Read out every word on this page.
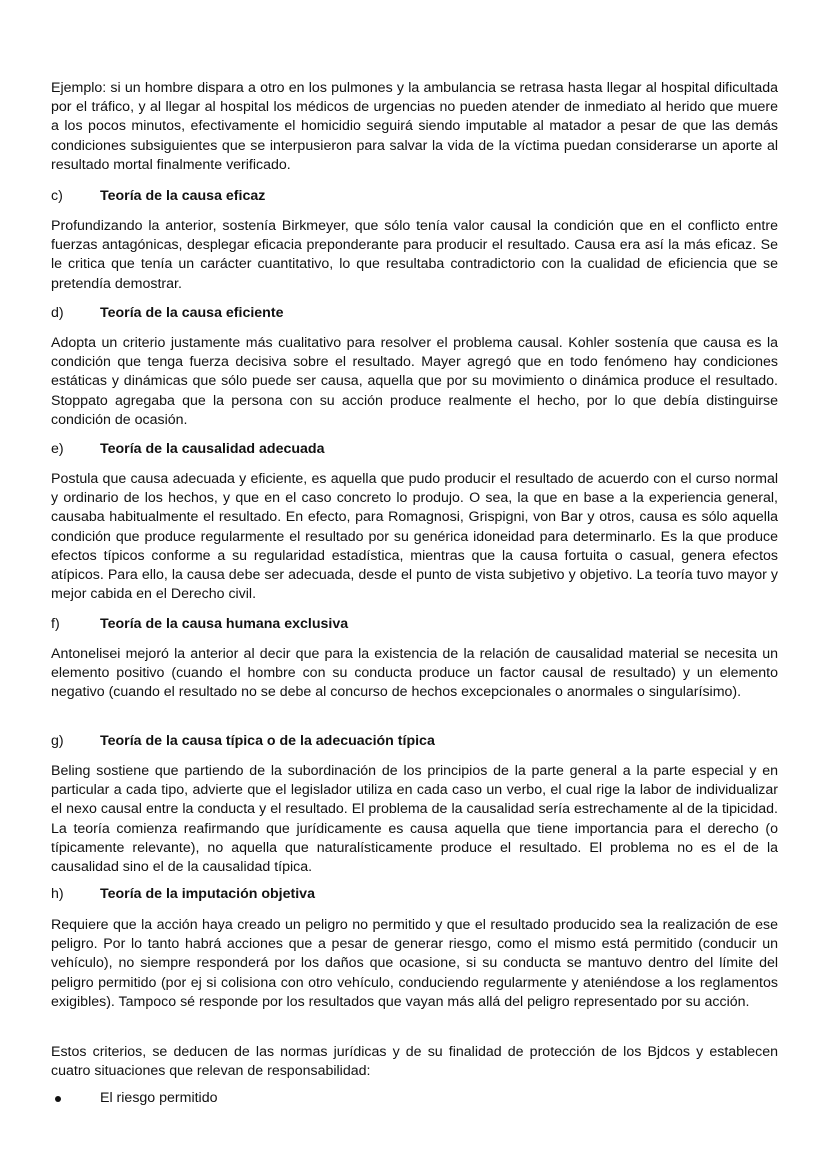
Ejemplo: si un hombre dispara a otro en los pulmones y la ambulancia se retrasa hasta llegar al hospital dificultada por el tráfico, y al llegar al hospital los médicos de urgencias no pueden atender de inmediato al herido que muere a los pocos minutos, efectivamente el homicidio seguirá siendo imputable al matador a pesar de que las demás condiciones subsiguientes que se interpusieron para salvar la vida de la víctima puedan considerarse un aporte al resultado mortal finalmente verificado.

c)	Teoría de la causa eficaz

Profundizando la anterior, sostenía Birkmeyer, que sólo tenía valor causal la condición que en el conflicto entre fuerzas antagónicas, desplegar eficacia preponderante para producir el resultado. Causa era así la más eficaz. Se le critica que tenía un carácter cuantitativo, lo que resultaba contradictorio con la cualidad de eficiencia que se pretendía demostrar.

d)	Teoría de la causa eficiente

Adopta un criterio justamente más cualitativo para resolver el problema causal. Kohler sostenía que causa es la condición que tenga fuerza decisiva sobre el resultado. Mayer agregó que en todo fenómeno hay condiciones estáticas y dinámicas que sólo puede ser causa, aquella que por su movimiento o dinámica produce el resultado. Stoppato agregaba que la persona con su acción produce realmente el hecho, por lo que debía distinguirse condición de ocasión.

e)	Teoría de la causalidad adecuada

Postula que causa adecuada y eficiente, es aquella que pudo producir el resultado de acuerdo con el curso normal y ordinario de los hechos, y que en el caso concreto lo produjo. O sea, la que en base a la experiencia general, causaba habitualmente el resultado. En efecto, para Romagnosi, Grispigni, von Bar y otros, causa es sólo aquella condición que produce regularmente el resultado por su genérica idoneidad para determinarlo. Es la que produce efectos típicos conforme a su regularidad estadística, mientras que la causa fortuita o casual, genera efectos atípicos. Para ello, la causa debe ser adecuada, desde el punto de vista subjetivo y objetivo. La teoría tuvo mayor y mejor cabida en el Derecho civil.

f)	Teoría de la causa humana exclusiva

Antonelisei mejoró la anterior al decir que para la existencia de la relación de causalidad material se necesita un elemento positivo (cuando el hombre con su conducta produce un factor causal de resultado) y un elemento negativo (cuando el resultado no se debe al concurso de hechos excepcionales o anormales o singularísimo).

g)	Teoría de la causa típica o de la adecuación típica

Beling sostiene que partiendo de la subordinación de los principios de la parte general a la parte especial y en particular a cada tipo, advierte que el legislador utiliza en cada caso un verbo, el cual rige la labor de individualizar el nexo causal entre la conducta y el resultado. El problema de la causalidad sería estrechamente al de la tipicidad. La teoría comienza reafirmando que jurídicamente es causa aquella que tiene importancia para el derecho (o típicamente relevante), no aquella que naturalísticamente produce el resultado. El problema no es el de la causalidad sino el de la causalidad típica.

h)	Teoría de la imputación objetiva

Requiere que la acción haya creado un peligro no permitido y que el resultado producido sea la realización de ese peligro. Por lo tanto habrá acciones que a pesar de generar riesgo, como el mismo está permitido (conducir un vehículo), no siempre responderá por los daños que ocasione, si su conducta se mantuvo dentro del límite del peligro permitido (por ej si colisiona con otro vehículo, conduciendo regularmente y ateniéndose a los reglamentos exigibles). Tampoco sé responde por los resultados que vayan más allá del peligro representado por su acción.

Estos criterios, se deducen de las normas jurídicas y de su finalidad de protección de los Bjdcos y establecen cuatro situaciones que relevan de responsabilidad:

El riesgo permitido
